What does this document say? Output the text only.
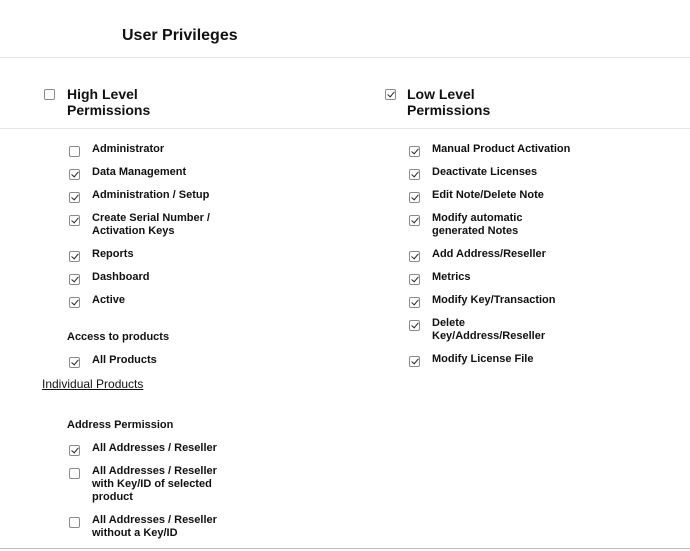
User Privileges
High Level
Permissions
Low Level
Permissions
Administrator
Data Management
Administration / Setup
Create Serial Number /
Activation Keys
Reports
Dashboard
Active
Manual Product Activation
Deactivate Licenses
Edit Note/Delete Note
Modify automatic
generated Notes
Add Address/Reseller
Metrics
Modify Key/Transaction
Delete
Key/Address/Reseller
Modify License File
Access to products
All Products
Individual Products
Address Permission
All Addresses / Reseller
All Addresses / Reseller
with Key/ID of selected
product
All Addresses / Reseller
without a Key/ID
